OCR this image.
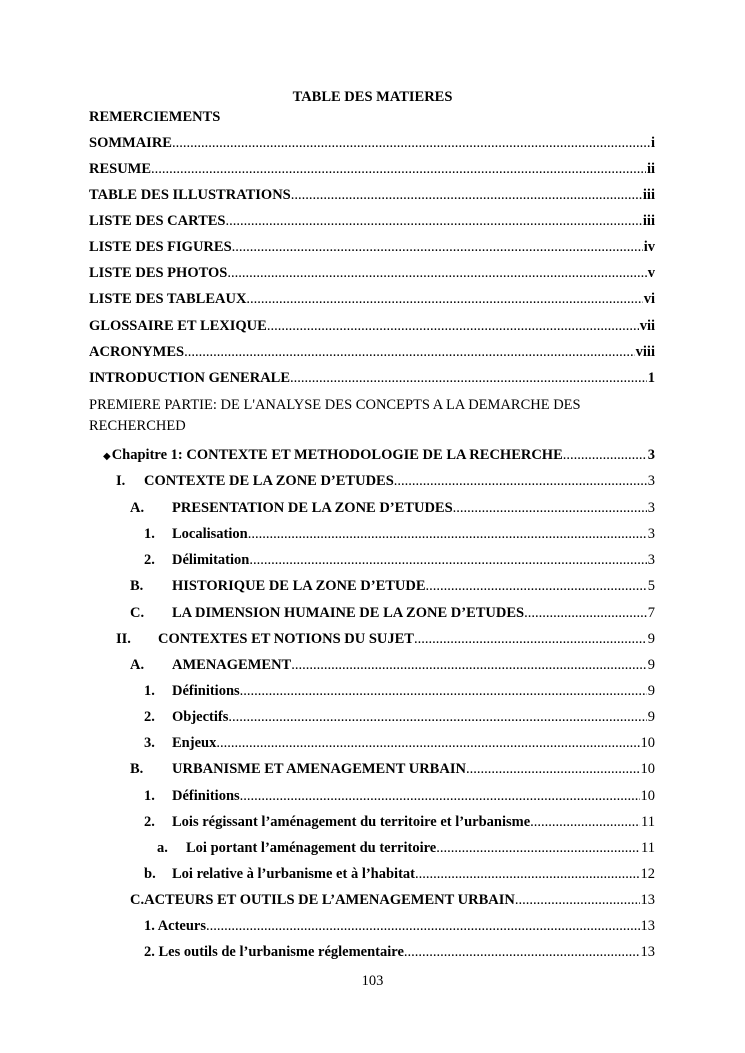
TABLE DES MATIERES
REMERCIEMENTS
SOMMAIRE .....	i
RESUME .....	ii
TABLE DES ILLUSTRATIONS .....	iii
LISTE DES CARTES .....	iii
LISTE DES FIGURES .....	iv
LISTE DES PHOTOS .....	v
LISTE DES TABLEAUX .....	vi
GLOSSAIRE ET LEXIQUE .....	vii
ACRONYMES .....	viii
INTRODUCTION GENERALE .....	1
PREMIERE PARTIE: DE L'ANALYSE DES CONCEPTS A LA DEMARCHE DES RECHERCHED
◆ Chapitre 1: CONTEXTE ET METHODOLOGIE DE LA RECHERCHE .....	3
I.	CONTEXTE DE LA ZONE D’ETUDES .....	3
A.	PRESENTATION DE LA ZONE D’ETUDES .....	3
1.	Localisation .....	3
2.	Délimitation .....	3
B.	HISTORIQUE DE LA ZONE D’ETUDE .....	5
C.	LA DIMENSION HUMAINE DE LA ZONE D’ETUDES .....	7
II.	CONTEXTES ET NOTIONS DU SUJET .....	9
A.	AMENAGEMENT .....	9
1.	Définitions .....	9
2.	Objectifs .....	9
3.	Enjeux .....	10
B.	URBANISME ET AMENAGEMENT URBAIN .....	10
1.	Définitions .....	10
2.	Lois régissant l’aménagement du territoire et l’urbanisme .....	11
a.	Loi portant l’aménagement du territoire .....	11
b.	Loi relative à l’urbanisme et à l’habitat .....	12
C.ACTEURS ET OUTILS DE L’AMENAGEMENT URBAIN .....	13
1. Acteurs .....	13
2. Les outils de l’urbanisme réglementaire .....	13
103
